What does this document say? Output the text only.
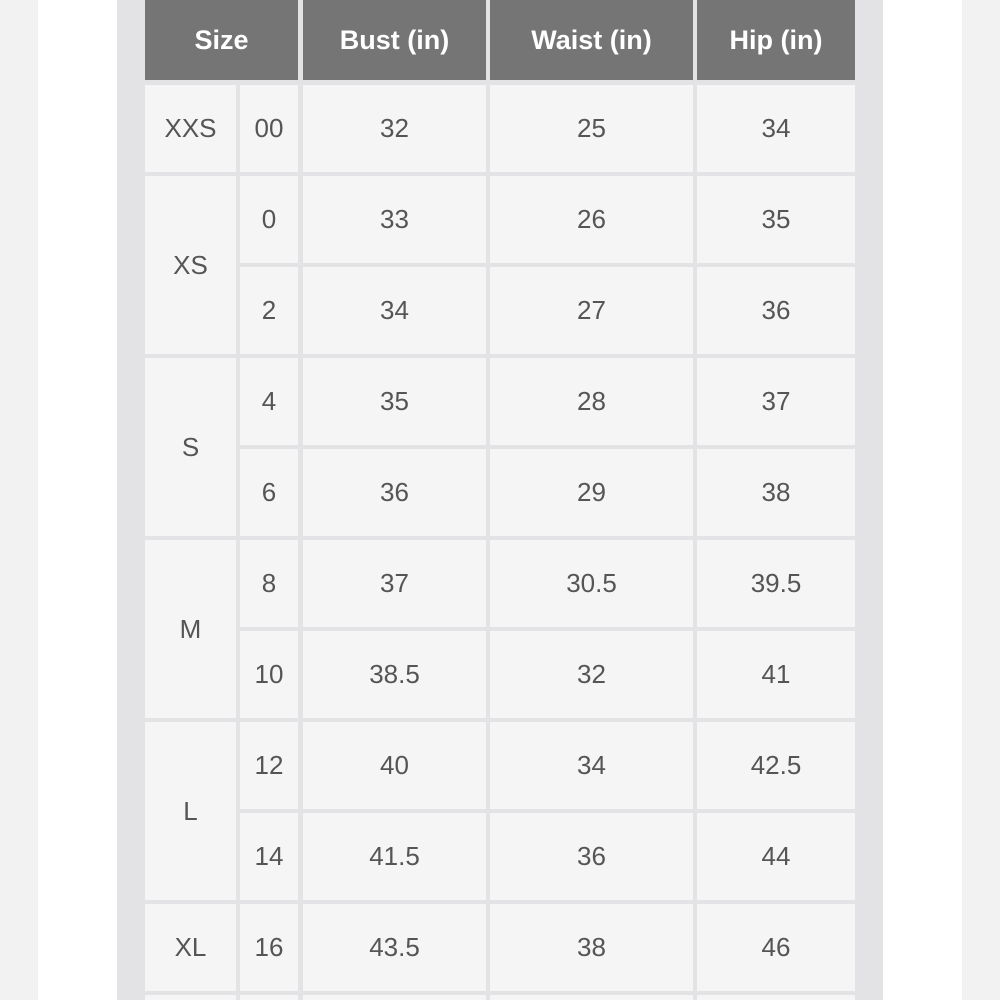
Size	Bust (in)	Waist (in)	Hip (in)
XXS	00	32	25	34
XS
0	33	26	35
2	34	27	36
S
4	35	28	37
6	36	29	38
M
8	37	30.5	39.5
10	38.5	32	41
L
12	40	34	42.5
14	41.5	36	44
XL	16	43.5	38	46
